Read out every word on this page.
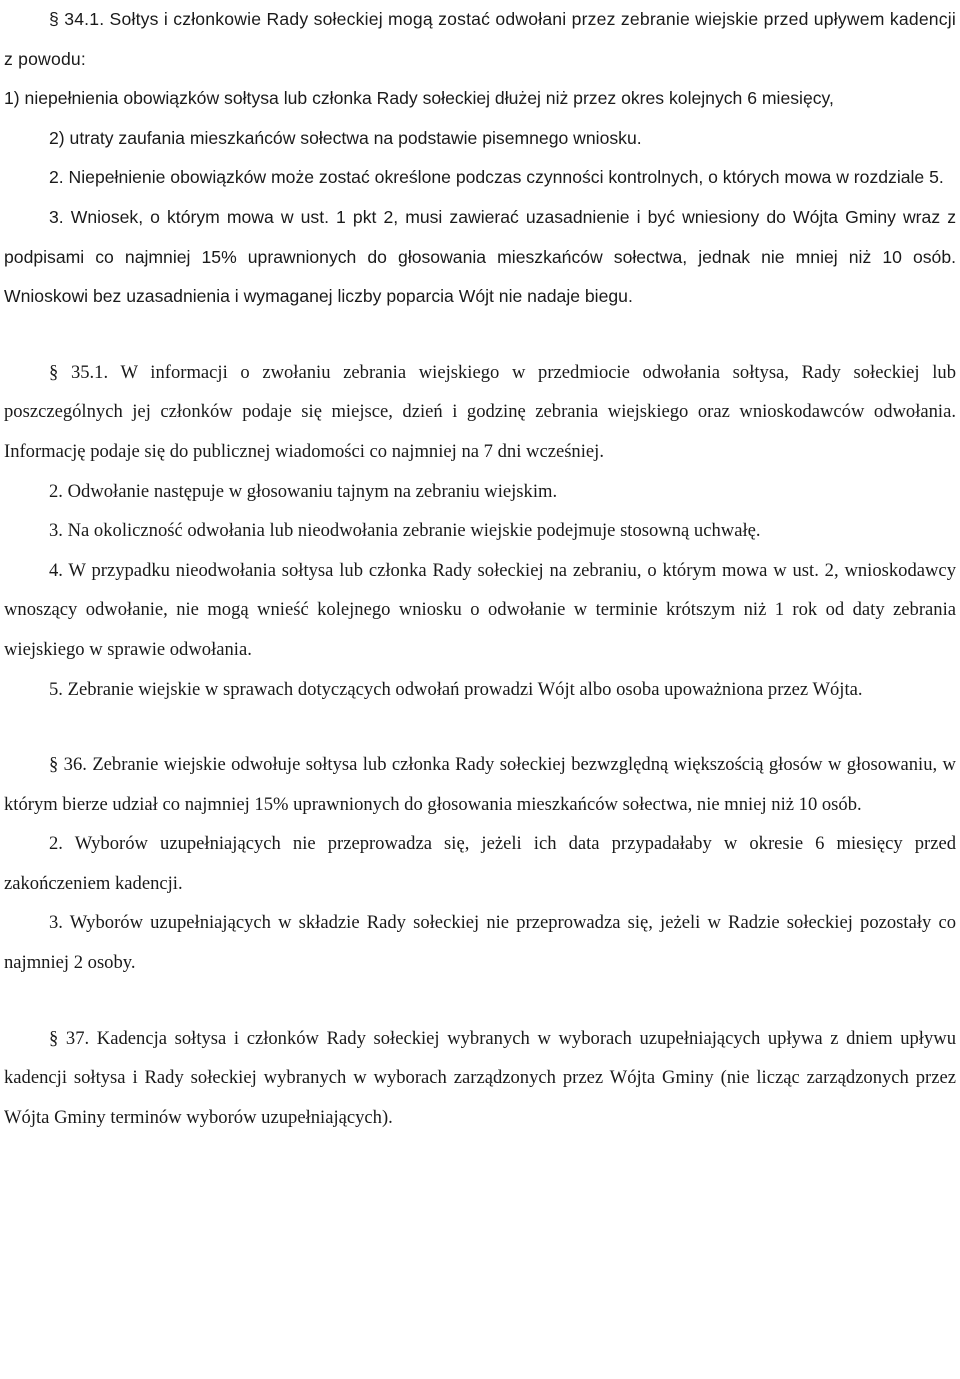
§ 34.1. Sołtys i członkowie Rady sołeckiej mogą zostać odwołani przez zebranie wiejskie przed upływem kadencji z powodu:

1) niepełnienia obowiązków sołtysa lub członka Rady sołeckiej dłużej niż przez okres kolejnych 6 miesięcy,

2) utraty zaufania mieszkańców sołectwa na podstawie pisemnego wniosku.

2. Niepełnienie obowiązków może zostać określone podczas czynności kontrolnych, o których mowa w rozdziale 5.

3. Wniosek, o którym mowa w ust. 1 pkt 2, musi zawierać uzasadnienie i być wniesiony do Wójta Gminy wraz z podpisami co najmniej 15% uprawnionych do głosowania mieszkańców sołectwa, jednak nie mniej niż 10 osób. Wnioskowi bez uzasadnienia i wymaganej liczby poparcia Wójt nie nadaje biegu.

§ 35.1. W informacji o zwołaniu zebrania wiejskiego w przedmiocie odwołania sołtysa, Rady sołeckiej lub poszczególnych jej członków podaje się miejsce, dzień i godzinę zebrania wiejskiego oraz wnioskodawców odwołania. Informację podaje się do publicznej wiadomości co najmniej na 7 dni wcześniej.

2. Odwołanie następuje w głosowaniu tajnym na zebraniu wiejskim.

3. Na okoliczność odwołania lub nieodwołania zebranie wiejskie podejmuje stosowną uchwałę.

4. W przypadku nieodwołania sołtysa lub członka Rady sołeckiej na zebraniu, o którym mowa w ust. 2, wnioskodawcy wnoszący odwołanie, nie mogą wnieść kolejnego wniosku o odwołanie w terminie krótszym niż 1 rok od daty zebrania wiejskiego w sprawie odwołania.

5. Zebranie wiejskie w sprawach dotyczących odwołań prowadzi Wójt albo osoba upoważniona przez Wójta.

§ 36. Zebranie wiejskie odwołuje sołtysa lub członka Rady sołeckiej bezwzględną większością głosów w głosowaniu, w którym bierze udział co najmniej 15% uprawnionych do głosowania mieszkańców sołectwa, nie mniej niż 10 osób.

2. Wyborów uzupełniających nie przeprowadza się, jeżeli ich data przypadałaby w okresie 6 miesięcy przed zakończeniem kadencji.

3. Wyborów uzupełniających w składzie Rady sołeckiej nie przeprowadza się, jeżeli w Radzie sołeckiej pozostały co najmniej 2 osoby.

§ 37. Kadencja sołtysa i członków Rady sołeckiej wybranych w wyborach uzupełniających upływa z dniem upływu kadencji sołtysa i Rady sołeckiej wybranych w wyborach zarządzonych przez Wójta Gminy (nie licząc zarządzonych przez Wójta Gminy terminów wyborów uzupełniających).
